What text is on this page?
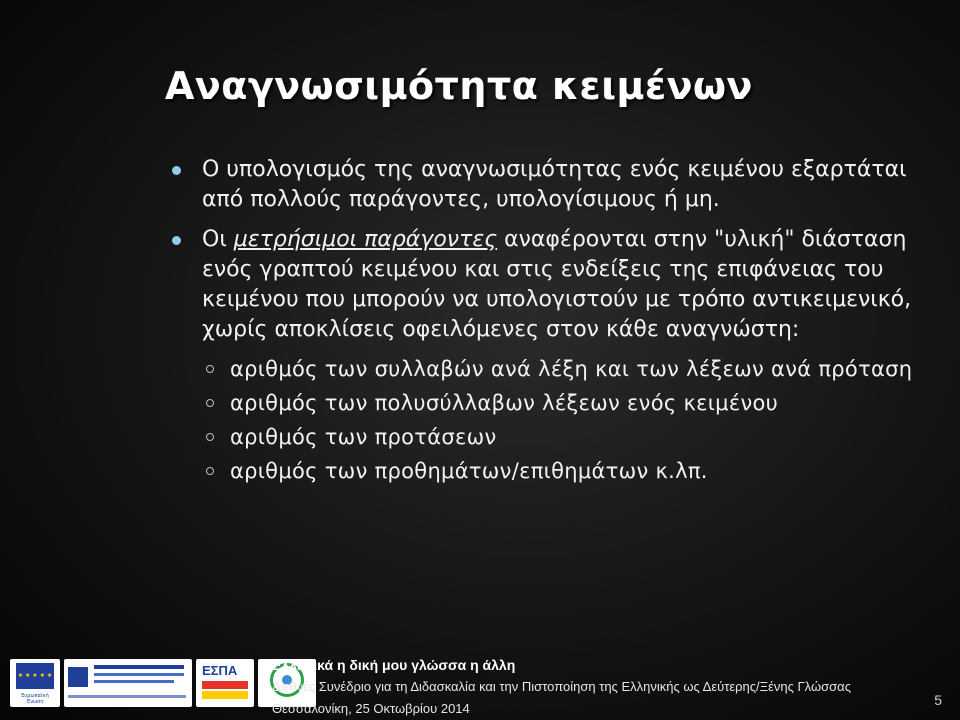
Αναγνωσιμότητα κειμένων

Ο υπολογισμός της αναγνωσιμότητας ενός κειμένου εξαρτάται από πολλούς παράγοντες, υπολογίσιμους ή μη.

Οι μετρήσιμοι παράγοντες αναφέρονται στην "υλική" διάσταση ενός γραπτού κειμένου και στις ενδείξεις της επιφάνειας του κειμένου που μπορούν να υπολογιστούν με τρόπο αντικειμενικό, χωρίς αποκλίσεις οφειλόμενες στον κάθε αναγνώστη:

αριθμός των συλλαβών ανά λέξη και των λέξεων ανά πρόταση

αριθμός των πολυσύλλαβων λέξεων ενός κειμένου

αριθμός των προτάσεων

αριθμός των προθημάτων/επιθημάτων κ.λπ.

★ ★ ★ ★ ★
Ευρωπαϊκή Ένωση
ΕΣΠΑ Ελληνικά η δική μου γλώσσα η άλλη

Διεθνές Συνέδριο για τη Διδασκαλία και την Πιστοποίηση της Ελληνικής ως Δεύτερης/Ξένης Γλώσσας

Θεσσαλονίκη, 25 Οκτωβρίου 2014

5
